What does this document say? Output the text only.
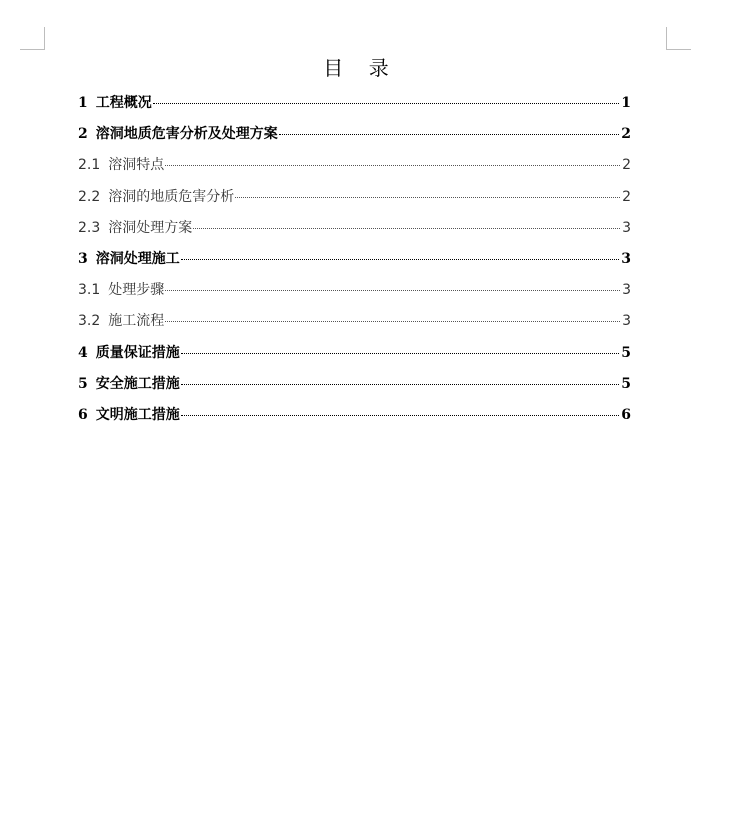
目    录
1 工程概况	1
2 溶洞地质危害分析及处理方案	2
2.1 溶洞特点	2
2.2 溶洞的地质危害分析	2
2.3 溶洞处理方案	3
3 溶洞处理施工	3
3.1 处理步骤	3
3.2 施工流程	3
4 质量保证措施	5
5 安全施工措施	5
6 文明施工措施	6
